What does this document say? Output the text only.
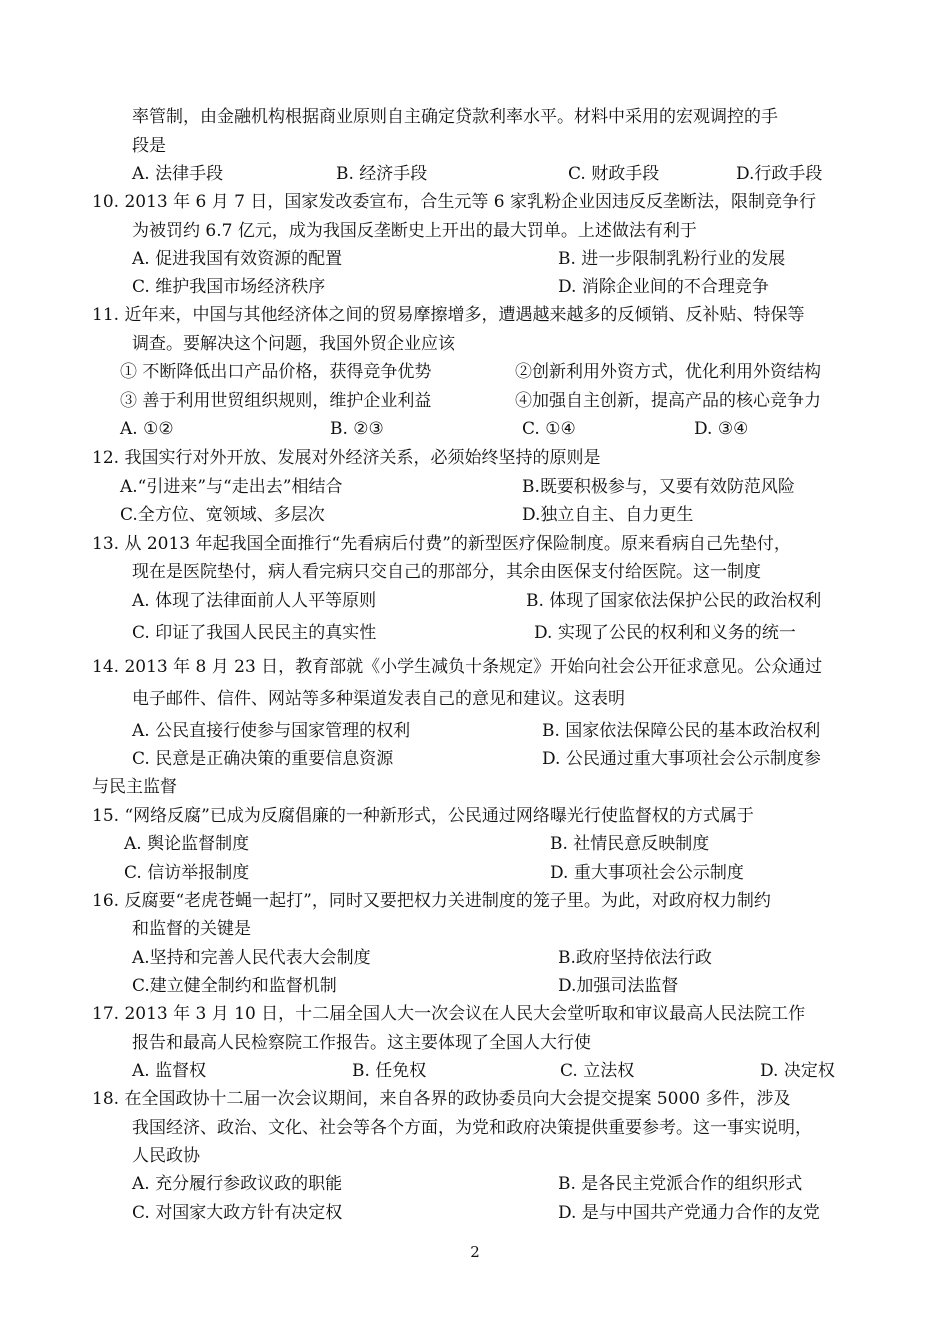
率管制，由金融机构根据商业原则自主确定贷款利率水平。材料中采用的宏观调控的手
段是
A. 法律手段	B. 经济手段	C. 财政手段	D.行政手段
10. 2013 年 6 月 7 日，国家发改委宣布，合生元等 6 家乳粉企业因违反反垄断法，限制竞争行
为被罚约 6.7 亿元，成为我国反垄断史上开出的最大罚单。上述做法有利于
A. 促进我国有效资源的配置	B. 进一步限制乳粉行业的发展
C. 维护我国市场经济秩序	D. 消除企业间的不合理竞争
11. 近年来，中国与其他经济体之间的贸易摩擦增多，遭遇越来越多的反倾销、反补贴、特保等
调查。要解决这个问题，我国外贸企业应该
① 不断降低出口产品价格，获得竞争优势	②创新利用外资方式，优化利用外资结构
③ 善于利用世贸组织规则，维护企业利益	④加强自主创新，提高产品的核心竞争力
A. ①②	B. ②③	C. ①④	D. ③④
12. 我国实行对外开放、发展对外经济关系，必须始终坚持的原则是
A.“引进来”与“走出去”相结合	B.既要积极参与，又要有效防范风险
C.全方位、宽领域、多层次	D.独立自主、自力更生
13. 从 2013 年起我国全面推行“先看病后付费”的新型医疗保险制度。原来看病自己先垫付，
现在是医院垫付，病人看完病只交自己的那部分，其余由医保支付给医院。这一制度
A. 体现了法律面前人人平等原则	B. 体现了国家依法保护公民的政治权利
C. 印证了我国人民民主的真实性	D. 实现了公民的权利和义务的统一
14. 2013 年 8 月 23 日，教育部就《小学生减负十条规定》开始向社会公开征求意见。公众通过
电子邮件、信件、网站等多种渠道发表自己的意见和建议。这表明
A. 公民直接行使参与国家管理的权利	B. 国家依法保障公民的基本政治权利
C. 民意是正确决策的重要信息资源	D. 公民通过重大事项社会公示制度参
与民主监督
15. “网络反腐”已成为反腐倡廉的一种新形式，公民通过网络曝光行使监督权的方式属于
A. 舆论监督制度	B. 社情民意反映制度
C. 信访举报制度	D. 重大事项社会公示制度
16. 反腐要“老虎苍蝇一起打”，同时又要把权力关进制度的笼子里。为此，对政府权力制约
和监督的关键是
A.坚持和完善人民代表大会制度	B.政府坚持依法行政
C.建立健全制约和监督机制	D.加强司法监督
17. 2013 年 3 月 10 日，十二届全国人大一次会议在人民大会堂听取和审议最高人民法院工作
报告和最高人民检察院工作报告。这主要体现了全国人大行使
A. 监督权	B. 任免权	C. 立法权	D. 决定权
18. 在全国政协十二届一次会议期间，来自各界的政协委员向大会提交提案 5000 多件，涉及
我国经济、政治、文化、社会等各个方面，为党和政府决策提供重要参考。这一事实说明，
人民政协
A. 充分履行参政议政的职能	B. 是各民主党派合作的组织形式
C. 对国家大政方针有决定权	D. 是与中国共产党通力合作的友党
2
